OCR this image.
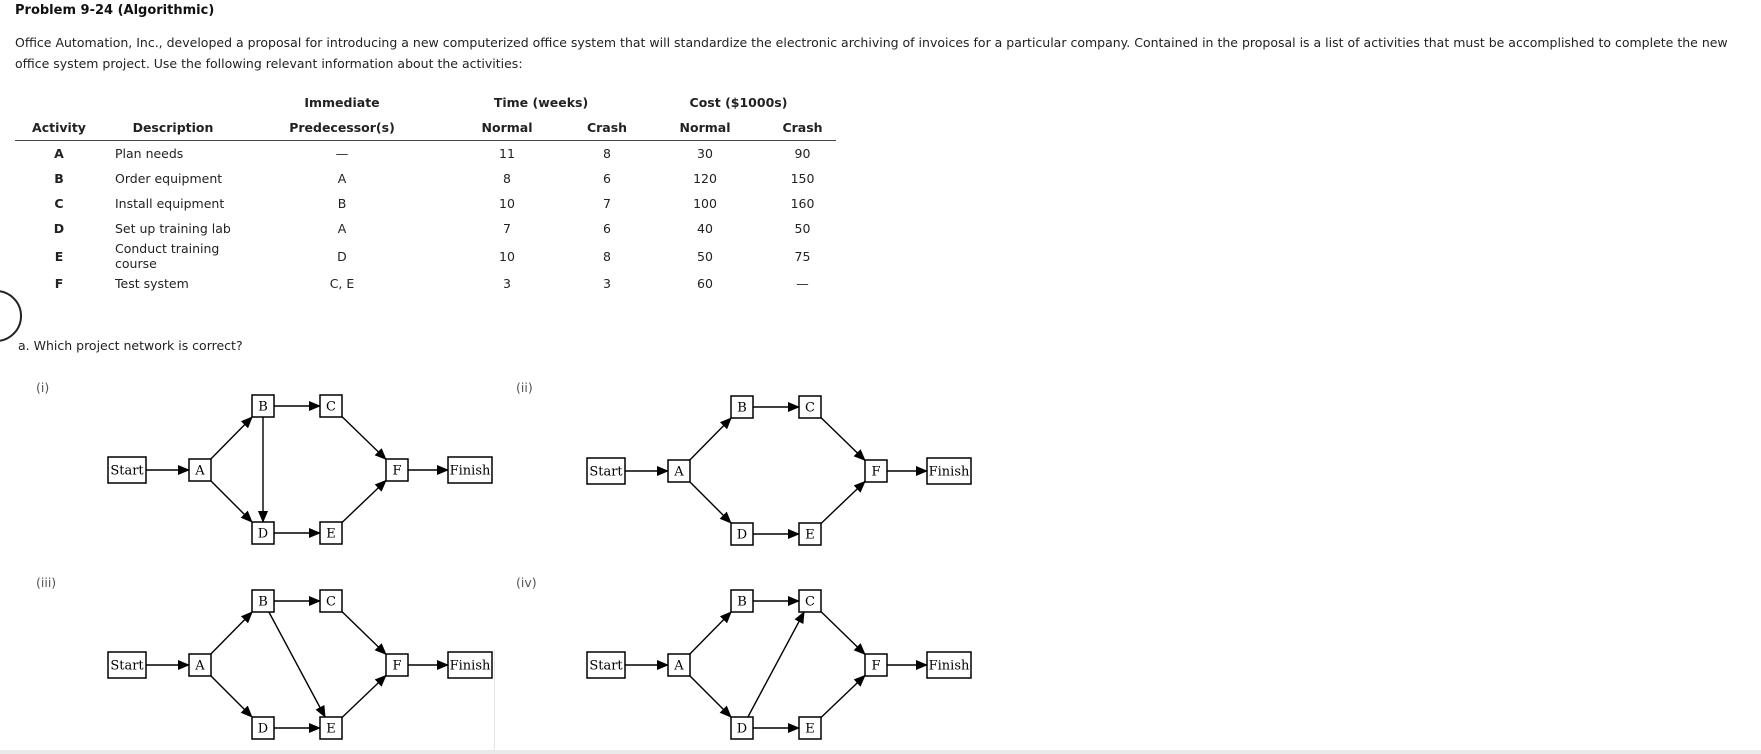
Problem 9-24 (Algorithmic)
Office Automation, Inc., developed a proposal for introducing a new computerized office system that will standardize the electronic archiving of invoices for a particular company. Contained in the proposal is a list of activities that must be accomplished to complete the new office system project. Use the following relevant information about the activities:
		Immediate	Time (weeks)		Cost ($1000s)	
Activity	Description	Predecessor(s)	Normal	Crash	Normal	Crash
A	Plan needs	—	11	8	30	90
B	Order equipment	A	8	6	120	150
C	Install equipment	B	10	7	100	160
D	Set up training lab	A	7	6	40	50
E	Conduct training course	D	10	8	50	75
F	Test system	C, E	3	3	60	—
a. Which project network is correct?
(i)	(ii)
(iii)	(iv)
Start	A
B	C
D	E
F	Finish	Start	A
B	C
D	E
F	Finish
Start	A
B	C
D	E
F	Finish	Start	A
B	C
D	E
F	Finish
